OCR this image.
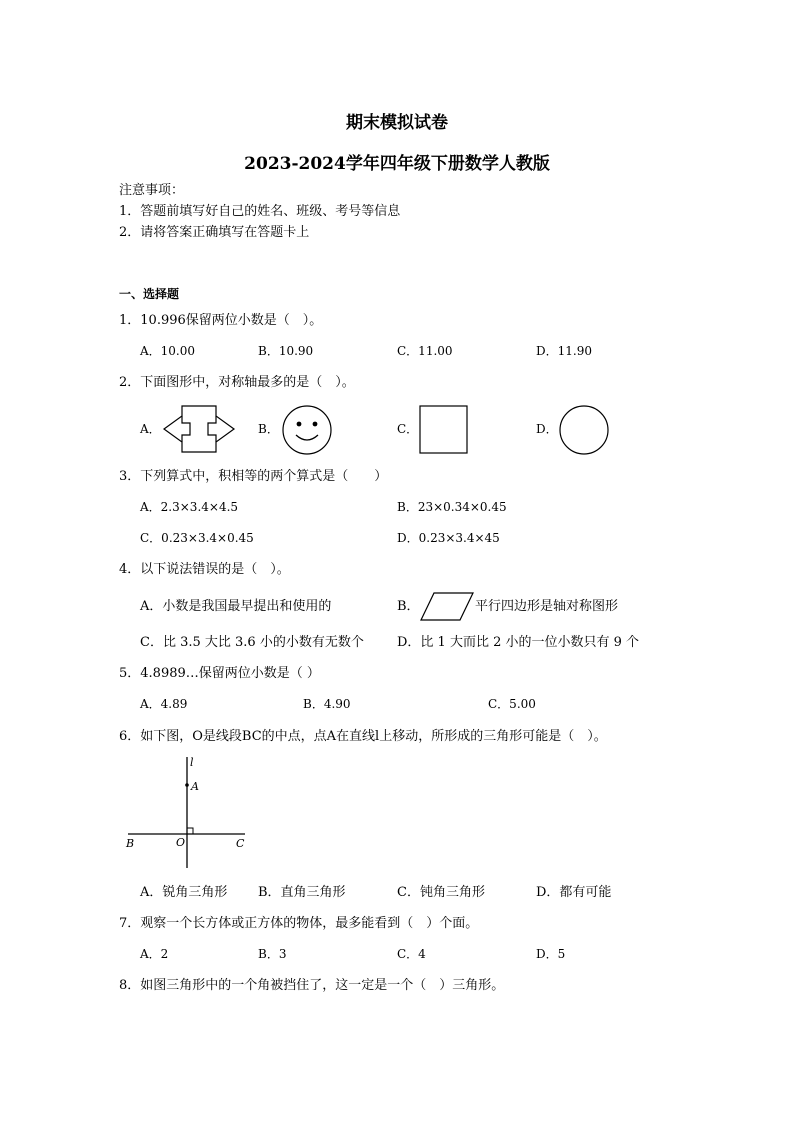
期末模拟试卷
2023-2024学年四年级下册数学人教版
注意事项：
1．答题前填写好自己的姓名、班级、考号等信息
2．请将答案正确填写在答题卡上
一、选择题
1．10.996保留两位小数是（　）。
A．10.00	B．10.90	C．11.00	D．11.90
2．下面图形中，对称轴最多的是（　）。
A．	B．	C．	D．
3．下列算式中，积相等的两个算式是（　　）
A．2.3×3.4×4.5	B．23×0.34×0.45
C．0.23×3.4×0.45	D．0.23×3.4×45
4．以下说法错误的是（　）。
A．小数是我国最早提出和使用的	B．	平行四边形是轴对称图形
C．比 3.5 大比 3.6 小的小数有无数个	D．比 1 大而比 2 小的一位小数只有 9 个
5．4.8989…保留两位小数是（ ）
A．4.89	B．4.90	C．5.00
6．如下图，O是线段BC的中点，点A在直线l上移动，所形成的三角形可能是（　）。
l
A
B	O	C
A．锐角三角形 B．直角三角形	C．钝角三角形	D．都有可能
7．观察一个长方体或正方体的物体，最多能看到（　）个面。
A．2	B．3	C．4	D．5
8．如图三角形中的一个角被挡住了，这一定是一个（　）三角形。
